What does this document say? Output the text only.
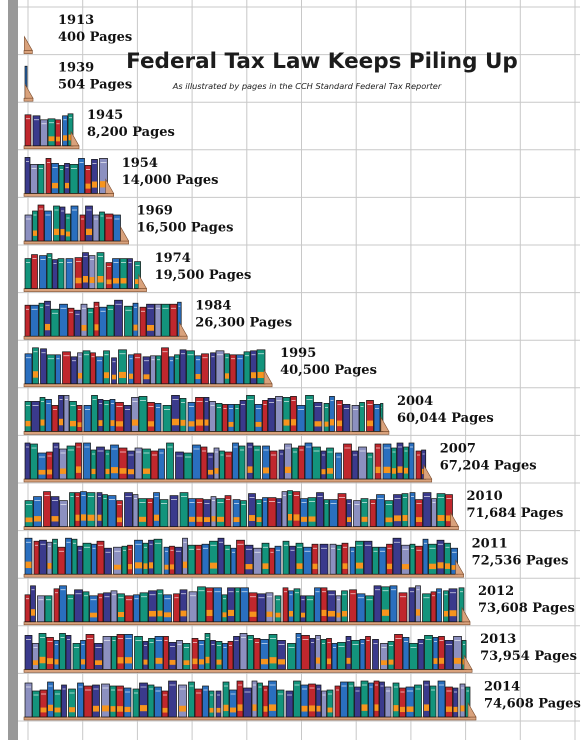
1913
400 Pages
1939
504 Pages
1945
8,200 Pages
1954
14,000 Pages
1969
16,500 Pages
1974
19,500 Pages
1984
26,300 Pages
1995
40,500 Pages
2004
60,044 Pages
2007
67,204 Pages
2010
71,684 Pages
2011
72,536 Pages
2012
73,608 Pages
2013
73,954 Pages
2014
74,608 Pages
Federal Tax Law Keeps Piling Up
As illustrated by pages in the CCH Standard Federal Tax Reporter
